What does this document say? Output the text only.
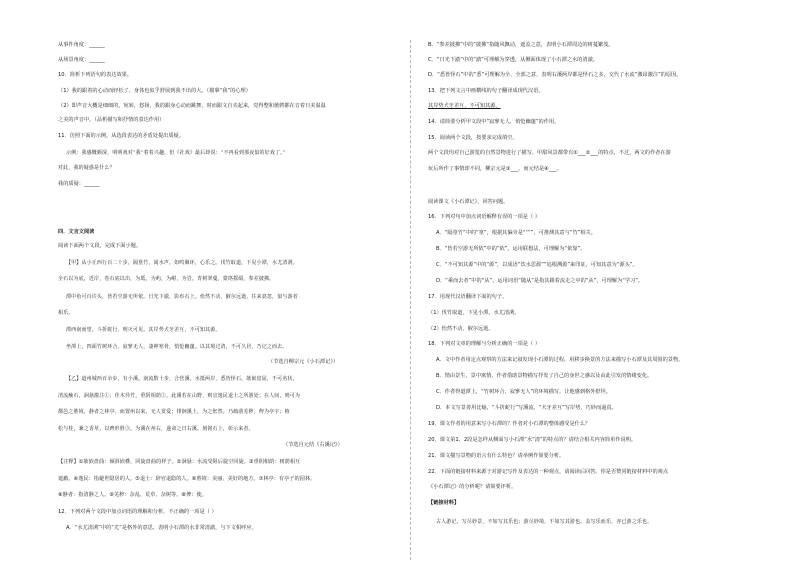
从事件角度：______
从场景角度：______
10．简析下列语句的表达效果。
（1）我的跟着的心动而轻松了，身体也似乎舒展到我不出的大。（描摹“我”的心理）
（2）即声音大概是细细的，宛转，悠扬，我的跟身心动而跳舞，时而跟文自夹起来，觉得整和驰骋都在音着日美温温
之美的声音中。（品析描写和抒情的表达作用）
11．仿照下面的示例，从选段表达的矛盾处提出质疑。
示例：我感慨颇深，明明戏对“我”着着兴趣，但《社戏》最后却说：“不再看到那夜似的好戏了。”
对此，我的疑惑是什么？
我的质疑：______
四．文言文阅读
阅读下面两个文段，完成下面小题。
【甲】从小丘西行百二十步，隔篁竹，闻水声，如鸣佩环，心乐之。伐竹取道，下见小潭，水尤清冽。
全石以为底，近岸，卷石底以出，为坻，为屿，为嵁，为岩。青树翠蔓，蒙络摇缀，参差披拂。
潭中鱼可百许头，皆若空游无所依。日光下澈，影布石上。佁然不动，俶尔远逝，往来翕忽，似与游者
相乐。
潭西南而望，斗折蛇行，明灭可见。其岸势犬牙差互，不可知其源。
坐潭上，四面竹树环合，寂寥无人，凄神寒骨，悄怆幽邃。以其境过清，不可久居，乃记之而去。
（节选自柳宗元《小石潭记》）
【乙】道州城西百余步，有小溪。南流数十步，合营溪。水抵两岸，悉皆怪石，欹嵌盘屈，不可名状。
清流触石，洄悬激注①；佳木异竹，垂阴相荫②。此溪若在山野，则宜逸民退士之所游处；在人间，则可为
都邑之胜境，静者之林亭。而置州以来，无人赏爱；徘徊溪上，为之怅然。乃疏凿芜秽，俾为亭宇；植
松与桂，兼之香草，以裨形胜③。为溪在州右，遂命之曰右溪。刻铭石上，彰示来者。
（节选自元结《右溪记》）
【注释】①欹嵌盘曲：倾斜嵌叠，回旋盘曲的样子。②洄悬：水流受阻后旋空回旋。③垂阴相荫：树荫相互
遮蔽。④逸民：指避世隐居的人。⑤退士：辞官退隐的人。⑥胜境：美丽、美好的地方。⑦林亭：有亭子的园林。
⑧静者：指清静之人。⑨芜秽：杂乱、荒草、杂树等。⑩俾：使。
12．下列对两个文段中加点词语的理解和分析，不正确的一项是（ ）
A．“水尤清冽”中的“尤”是格外的意思，表明小石潭的水非常清澈，与下文相呼应。
B．“参差披拂”中的“披拂”指随风飘动，遮盖之意，表明小石潭周边的树蔓繁茂。
C．“日光下澈”中的“澈”可理解为穿透，从侧面体现了小石潭之水的清澈。
D．“悉皆怪石”中的“悉”可理解为全、全部之意，表明右溪两岸都是怪石之多，交代了水流“激昂激注”的原因。
13．把下列文言中画横线的句子翻译成现代汉语。
其岸势犬牙差互，不可知其源。
14．请简要分析甲文段中“寂寥无人，悄怆幽邃”的作用。
15．阅读两个文段，按要求完成填空。
两个文段均对自己游览的自然景物进行了描写。甲甜风景都带有①___②___的特点，不过，两文的作者在游
玩后所作了事情却不同，柳宗元是③___，而元结是④___。
阅读课文《小石潭记》，回答问题。
16．下列对句中加点词语解释有误的一项是（ ）
A．“隔篁竹”中的“篁”，根据其偏旁是“⺮”，可推测其意与“竹”相关。
B．“皆若空游无所依”中的“依”，运用联想法，可理解为“依靠”。
C．“不可知其源”中的“源”，以成语“饮水思源”“追根溯源”来印证，可知其意为“源头”。
D．“乘而去者”中的“从”，运用词语“随从”是指其跟着流走之中的“从”，可理解为“学习”。
17．用现代汉语翻译下面的句子。
（1）伐竹取道，下见小潭，水尤清冽。
（2）怡然不动，俶尔远逝。
18．下列对文章的理解与分析正确的一项是（ ）
A．文中作者用定点观察的方法来记叙发现小石潭的过程，用移步换景的方法来描写小石潭及其周围的景物。
B．情由景生，景中寓情，作者借助景物描写抒发了自己的身世之感以及由此引发的情绪变化。
C．作者得道潭上，“竹树环合，寂寥无人”的环境描写，让他感到格外舒坦。
D．本文写景善用比喻，“斗折蛇行”写溪流，“犬牙差互”写岸势，巧妙而逼真。
19．课文作者的用意来写小石潭的？作者对小石潭的整体感受是什么？
20．课文第1、2段是怎样从侧面写小石潭“水”清”的特点的？请结合相关内容简单作说明。
21．课文描写景物的语言有什么特色？请举例作简要分析。
22．下面的链接材料来源于对游记写作及表达的一种观点，请阅读后回答。你是否赞同链接材料中的观点
《小石潭记》的分析呢？请简要评析。
【链接材料】
古人游记，写尽妙景，不如写其乐也；游尽妙境，不如写其游也。盖写乐而乐，亦已游之乐也。
